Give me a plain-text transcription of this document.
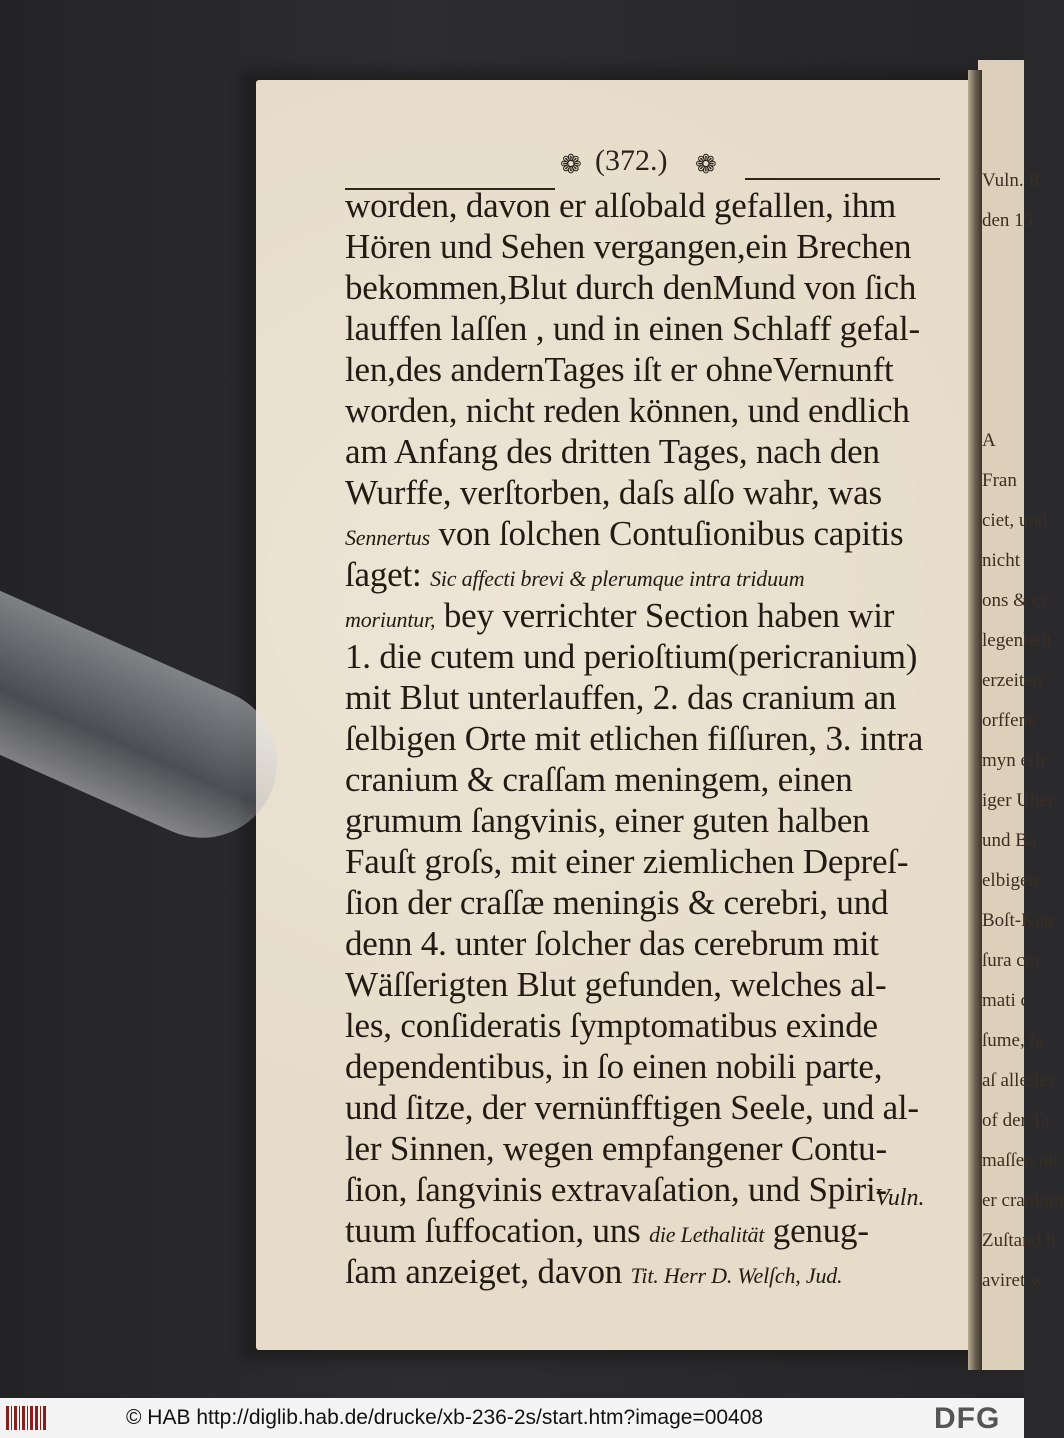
Vuln. R
den 15
A
Fran
ciet, und
nicht
ons & cr
legenheit
erzeiten
orffene
myn erh
iger Uber
und Ba
elbigen
Boſt-Kug
ſura cra
mati c
ſume, ſa
aſ allerley
of der Ta
maſſen nic
er cranium
Zuſtand h
aviret w
❁ (372.) ❁
worden, davon er alſobald gefallen, ihm
Hören und Sehen vergangen,ein Brechen
bekommen,Blut durch denMund von ſich
lauffen laſſen , und in einen Schlaff gefal-
len,des andernTages iſt er ohneVernunft
worden, nicht reden können, und endlich
am Anfang des dritten Tages, nach den
Wurffe, verſtorben, daſs alſo wahr, was
Sennertus von ſolchen Contuſionibus capitis
ſaget: Sic affecti brevi & plerumque intra triduum
moriuntur, bey verrichter Section haben wir
1. die cutem und perioſtium(pericranium)
mit Blut unterlauffen, 2. das cranium an
ſelbigen Orte mit etlichen fiſſuren, 3. intra
cranium & craſſam meningem, einen
grumum ſangvinis, einer guten halben
Fauſt groſs, mit einer ziemlichen Depreſ-
ſion der craſſæ meningis & cerebri, und
denn 4. unter ſolcher das cerebrum mit
Wäſſerigten Blut gefunden, welches al-
les, conſideratis ſymptomatibus exinde
dependentibus, in ſo einen nobili parte,
und ſitze, der vernünfftigen Seele, und al-
ler Sinnen, wegen empfangener Contu-
ſion, ſangvinis extravaſation, und Spiri-
tuum ſuffocation, uns die Lethalität genug-
ſam anzeiget, davon Tit. Herr D. Welſch, Jud.
Vuln.
© HAB http://diglib.hab.de/drucke/xb-236-2s/start.htm?image=00408	DFG
